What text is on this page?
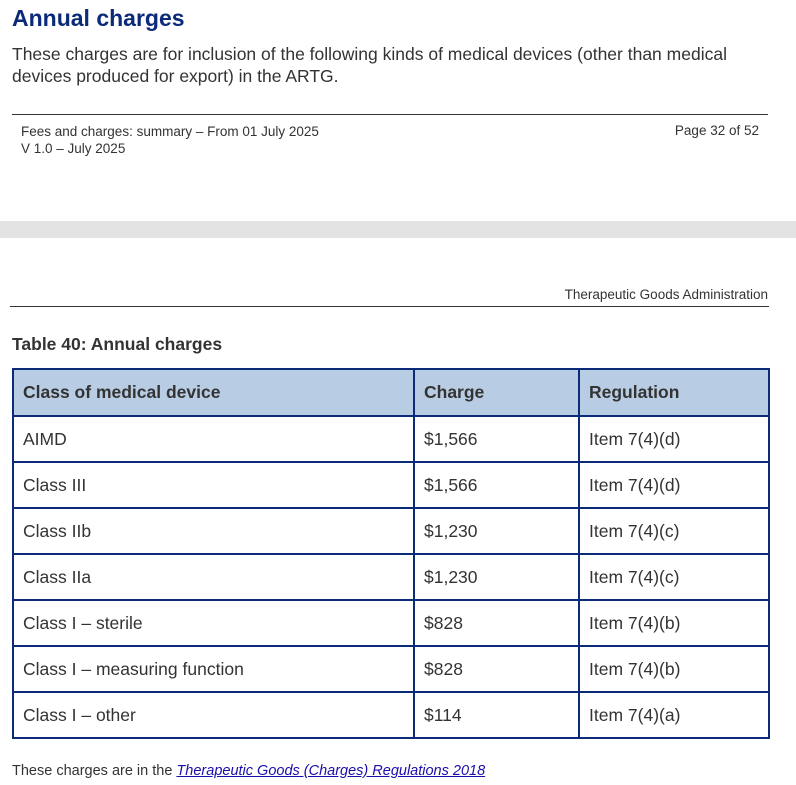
Annual charges

These charges are for inclusion of the following kinds of medical devices (other than medical devices produced for export) in the ARTG.

Fees and charges: summary – From 01 July 2025
V 1.0 – July 2025
Page 32 of 52
Therapeutic Goods Administration

Table 40: Annual charges

Class of medical device	Charge	Regulation
AIMD	$1,566	Item 7(4)(d)
Class III	$1,566	Item 7(4)(d)
Class IIb	$1,230	Item 7(4)(c)
Class IIa	$1,230	Item 7(4)(c)
Class I – sterile	$828	Item 7(4)(b)
Class I – measuring function	$828	Item 7(4)(b)
Class I – other	$114	Item 7(4)(a)
These charges are in the Therapeutic Goods (Charges) Regulations 2018
